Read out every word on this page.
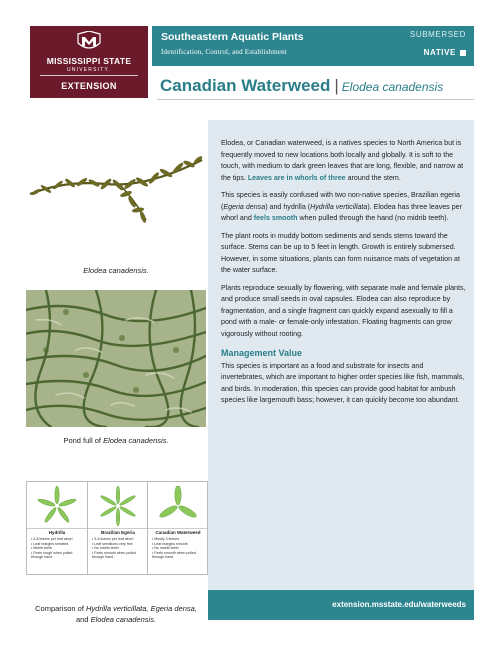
MISSISSIPPI STATE
UNIVERSITY.
EXTENSION
Southeastern Aquatic Plants
Identification, Control, and Establishment
SUBMERSED
NATIVE
Canadian Waterweed | Elodea canadensis
Elodea canadensis.
Pond full of Elodea canadensis.
Hydrilla
• 4-8 leaves per leaf whorl
• Leaf margins serrated
• Midrib teeth
• Feels rough when pulled through hand
Brazilian Egeria
• 3-6 leaves per leaf whorl
• Leaf serrations very fine
• No midrib teeth
• Feels smooth when pulled through hand
Canadian Waterweed
• Mostly 3 leaves
• Leaf margins smooth
• No midrib teeth
• Feels smooth when pulled through hand
Comparison of Hydrilla verticillata, Egeria densa,
and Elodea canadensis.

Elodea, or Canadian waterweed, is a natives species to North America but is frequently moved to new locations both locally and globally. It is soft to the touch, with medium to dark green leaves that are long, flexible, and narrow at the tips. Leaves are in whorls of three around the stem.

This species is easily confused with two non-native species, Brazilian egeria (Egeria densa) and hydrilla (Hydrilla verticillata). Elodea has three leaves per whorl and feels smooth when pulled through the hand (no midrib teeth).

The plant roots in muddy bottom sediments and sends stems toward the surface. Stems can be up to 5 feet in length. Growth is entirely submersed. However, in some situations, plants can form nuisance mats of vegetation at the water surface.

Plants reproduce sexually by flowering, with separate male and female plants, and produce small seeds in oval capsules. Elodea can also reproduce by fragmentation, and a single fragment can quickly expand asexually to fill a pond with a male- or female-only infestation. Floating fragments can grow vigorously without rooting.

Management Value

This species is important as a food and substrate for insects and invertebrates, which are important to higher order species like fish, mammals, and birds. In moderation, this species can provide good habitat for ambush species like largemouth bass; however, it can quickly become too abundant.

extension.msstate.edu/waterweeds
